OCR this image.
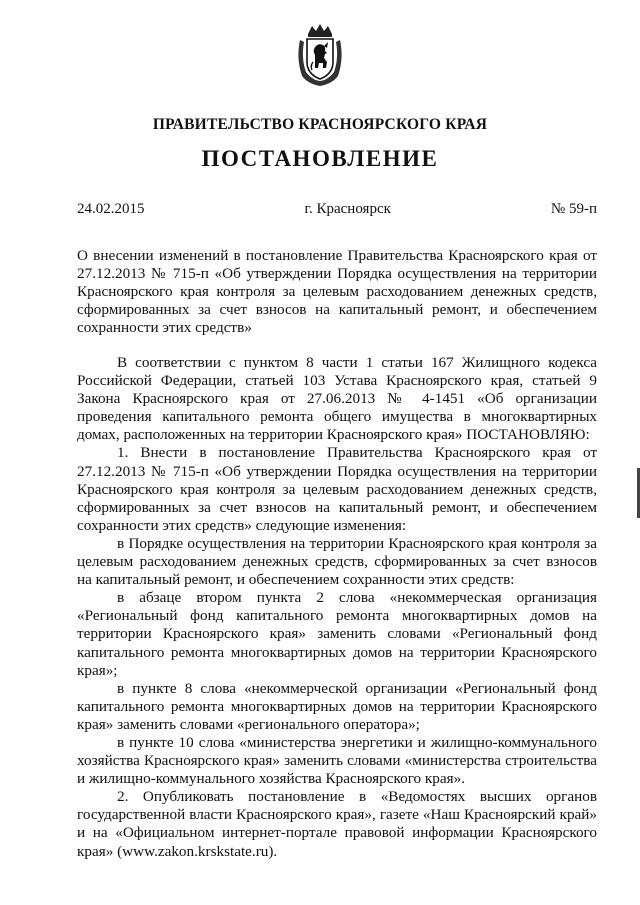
ПРАВИТЕЛЬСТВО КРАСНОЯРСКОГО КРАЯ
ПОСТАНОВЛЕНИЕ
24.02.2015	г. Красноярск	№ 59-п
О внесении изменений в постановление Правительства Красноярского края от 27.12.2013 № 715-п «Об утверждении Порядка осуществления на территории Красноярского края контроля за целевым расходованием денежных средств, сформированных за счет взносов на капитальный ремонт, и обеспечением сохранности этих средств»

В соответствии с пунктом 8 части 1 статьи 167 Жилищного кодекса Российской Федерации, статьей 103 Устава Красноярского края, статьей 9 Закона Красноярского края от 27.06.2013 № 4-1451 «Об организации проведения капитального ремонта общего имущества в многоквартирных домах, расположенных на территории Красноярского края» ПОСТАНОВЛЯЮ:

1. Внести в постановление Правительства Красноярского края от 27.12.2013 № 715-п «Об утверждении Порядка осуществления на территории Красноярского края контроля за целевым расходованием денежных средств, сформированных за счет взносов на капитальный ремонт, и обеспечением сохранности этих средств» следующие изменения:

в Порядке осуществления на территории Красноярского края контроля за целевым расходованием денежных средств, сформированных за счет взносов на капитальный ремонт, и обеспечением сохранности этих средств:

в абзаце втором пункта 2 слова «некоммерческая организация «Региональный фонд капитального ремонта многоквартирных домов на территории Красноярского края» заменить словами «Региональный фонд капитального ремонта многоквартирных домов на территории Красноярского края»;

в пункте 8 слова «некоммерческой организации «Региональный фонд капитального ремонта многоквартирных домов на территории Красноярского края» заменить словами «регионального оператора»;

в пункте 10 слова «министерства энергетики и жилищно-коммунального хозяйства Красноярского края» заменить словами «министерства строительства и жилищно-коммунального хозяйства Красноярского края».

2. Опубликовать постановление в «Ведомостях высших органов государственной власти Красноярского края», газете «Наш Красноярский край» и на «Официальном интернет-портале правовой информации Красноярского края» (www.zakon.krskstate.ru).
